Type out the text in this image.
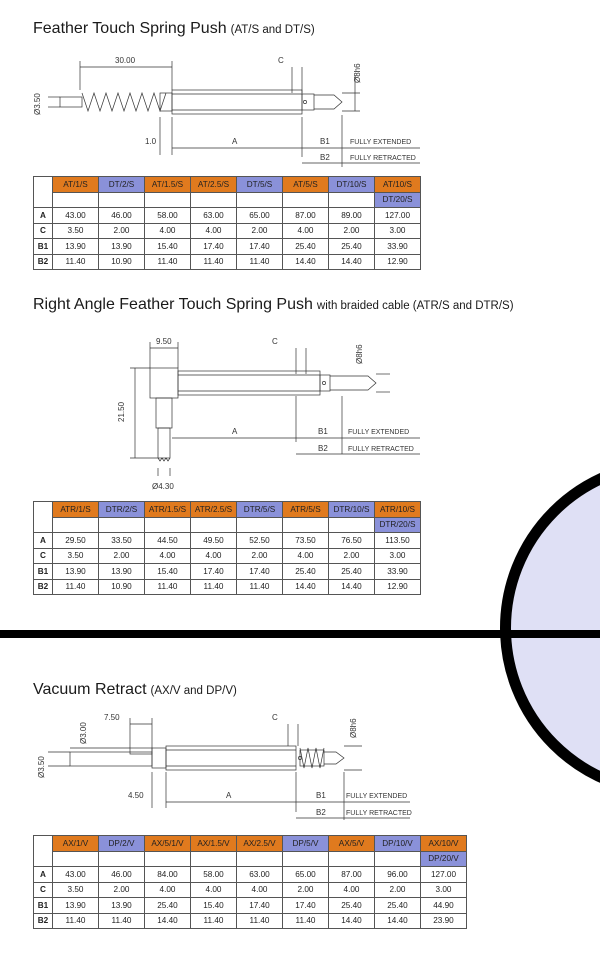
Feather Touch Spring Push (AT/S and DT/S)
30.00	C
Ø8h6
Ø3.50
1.0	A	B1
B2
FULLY EXTENDED
FULLY RETRACTED
	AT/1/S	DT/2/S	AT/1.5/S	AT/2.5/S	DT/5/S	AT/5/S	DT/10/S	AT/10/S
								DT/20/S
A	43.00	46.00	58.00	63.00	65.00	87.00	89.00	127.00
C	3.50	2.00	4.00	4.00	2.00	4.00	2.00	3.00
B1	13.90	13.90	15.40	17.40	17.40	25.40	25.40	33.90
B2	11.40	10.90	11.40	11.40	11.40	14.40	14.40	12.90
Right Angle Feather Touch Spring Push with braided cable (ATR/S and DTR/S)
9.50	C
Ø8h6
21.50
A	B1
B2
FULLY EXTENDED
FULLY RETRACTED
Ø4.30
	ATR/1/S	DTR/2/S	ATR/1.5/S	ATR/2.5/S	DTR/5/S	ATR/5/S	DTR/10/S	ATR/10/S
								DTR/20/S
A	29.50	33.50	44.50	49.50	52.50	73.50	76.50	113.50
C	3.50	2.00	4.00	4.00	2.00	4.00	2.00	3.00
B1	13.90	13.90	15.40	17.40	17.40	25.40	25.40	33.90
B2	11.40	10.90	11.40	11.40	11.40	14.40	14.40	12.90
Vacuum Retract (AX/V and DP/V)
7.50
Ø3.00
C
Ø8h6
Ø3.50
4.50	A	B1
B2
FULLY EXTENDED
FULLY RETRACTED
	AX/1/V	DP/2/V	AX/5/1/V	AX/1.5/V	AX/2.5/V	DP/5/V	AX/5/V	DP/10/V	AX/10/V
									DP/20/V
A	43.00	46.00	84.00	58.00	63.00	65.00	87.00	96.00	127.00
C	3.50	2.00	4.00	4.00	4.00	2.00	4.00	2.00	3.00
B1	13.90	13.90	25.40	15.40	17.40	17.40	25.40	25.40	44.90
B2	11.40	11.40	14.40	11.40	11.40	11.40	14.40	14.40	23.90
